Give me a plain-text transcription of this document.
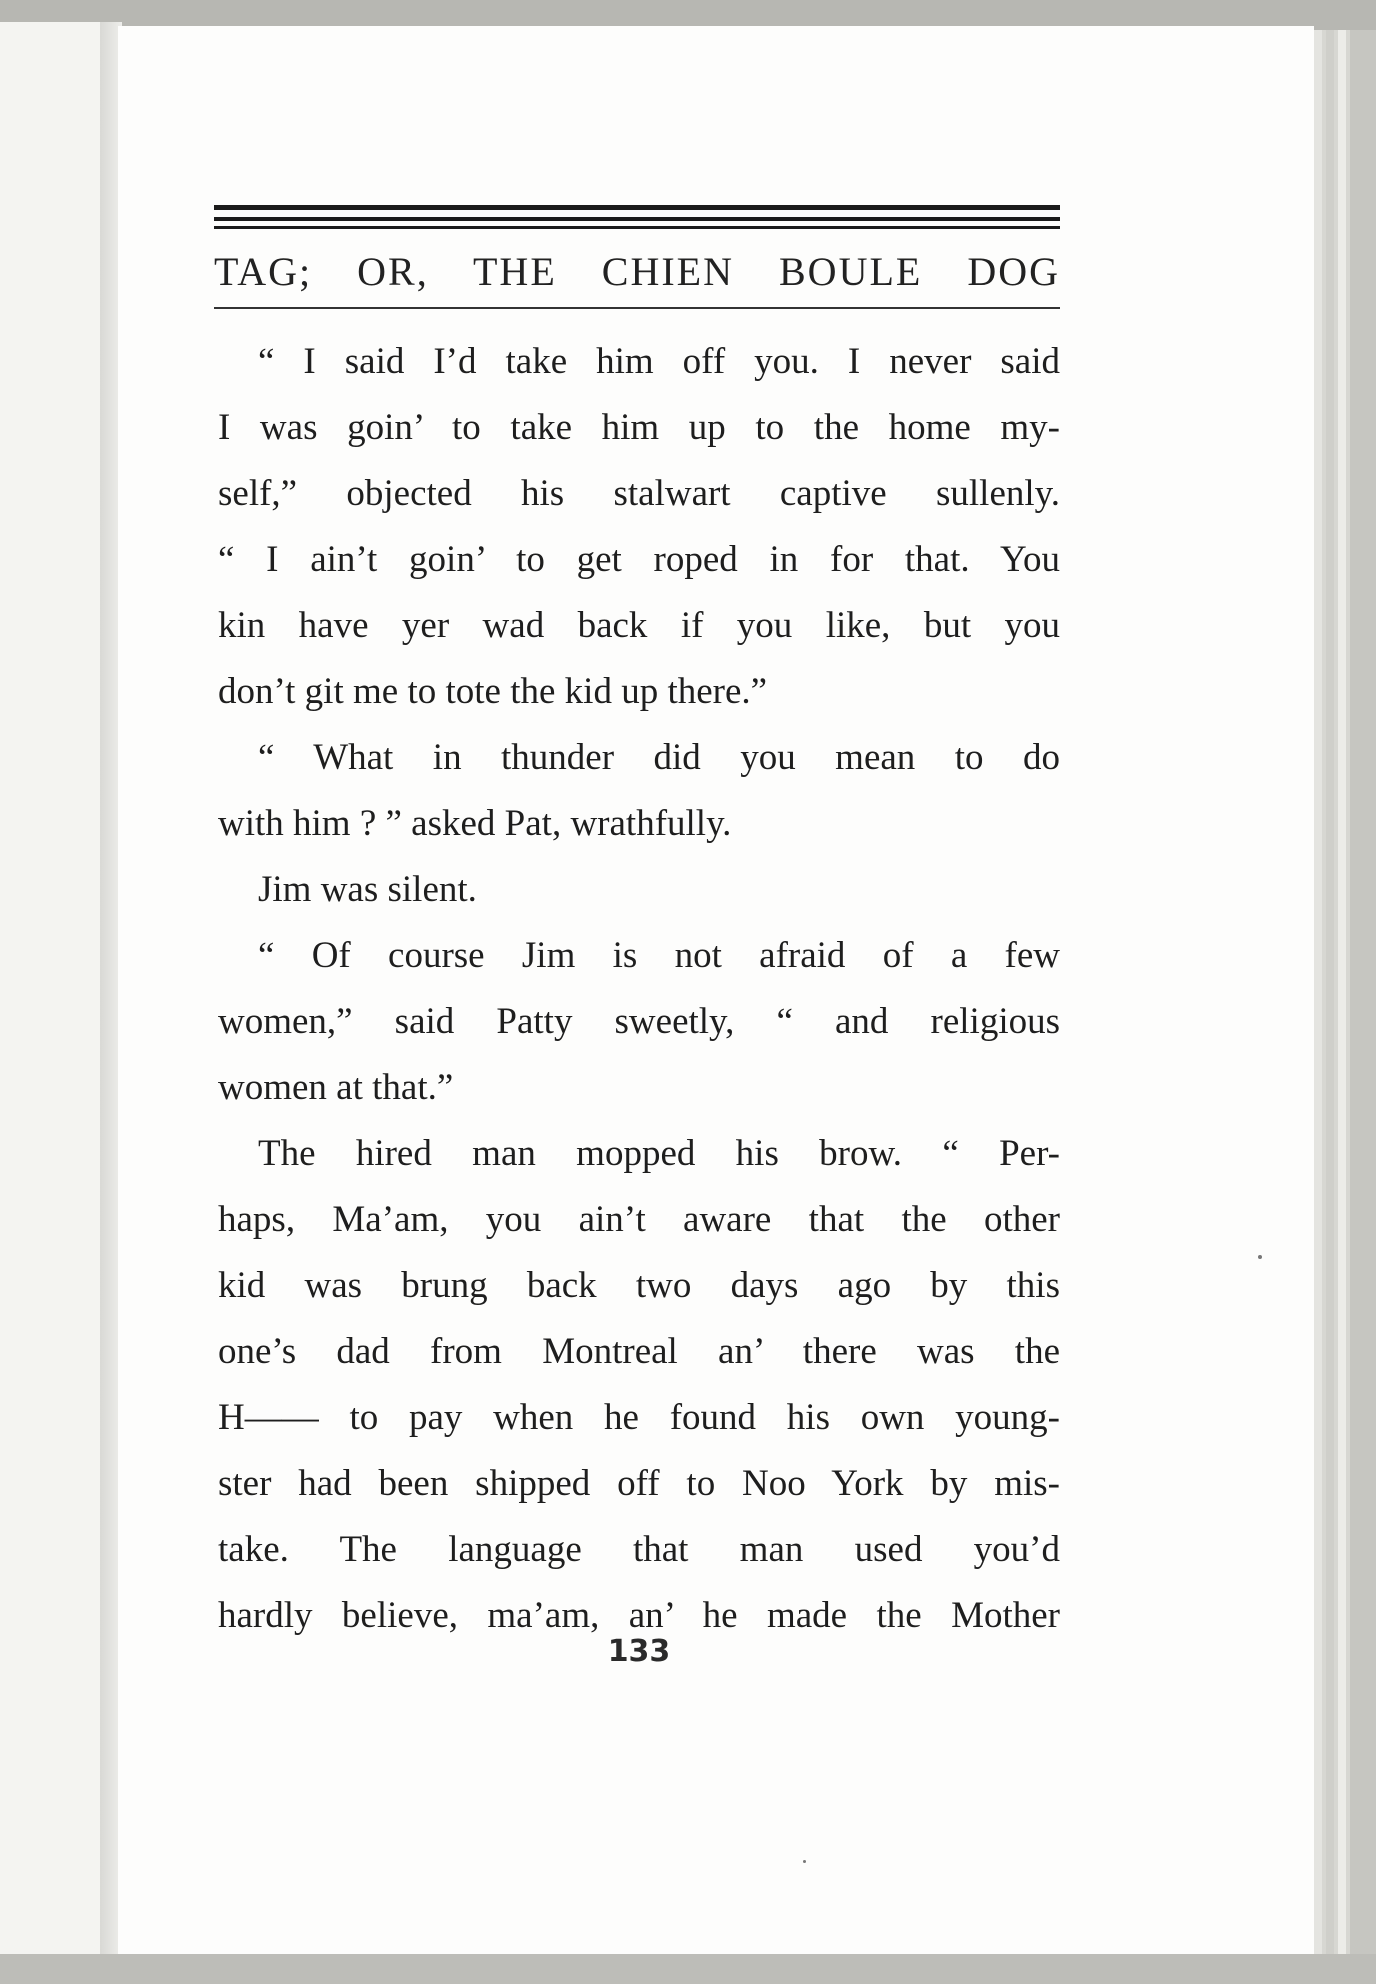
TAG; OR, THE CHIEN BOULE DOG
“ I said I’d take him off you. I never said
I was goin’ to take him up to the home my-
self,” objected his stalwart captive sullenly.
“ I ain’t goin’ to get roped in for that. You
kin have yer wad back if you like, but you
don’t git me to tote the kid up there.”
“ What in thunder did you mean to do
with him ? ” asked Pat, wrathfully.
Jim was silent.
“ Of course Jim is not afraid of a few
women,” said Patty sweetly, “ and religious
women at that.”
The hired man mopped his brow. “ Per-
haps, Ma’am, you ain’t aware that the other
kid was brung back two days ago by this
one’s dad from Montreal an’ there was the
H—— to pay when he found his own young-
ster had been shipped off to Noo York by mis-
take. The language that man used you’d
hardly believe, ma’am, an’ he made the Mother
133
